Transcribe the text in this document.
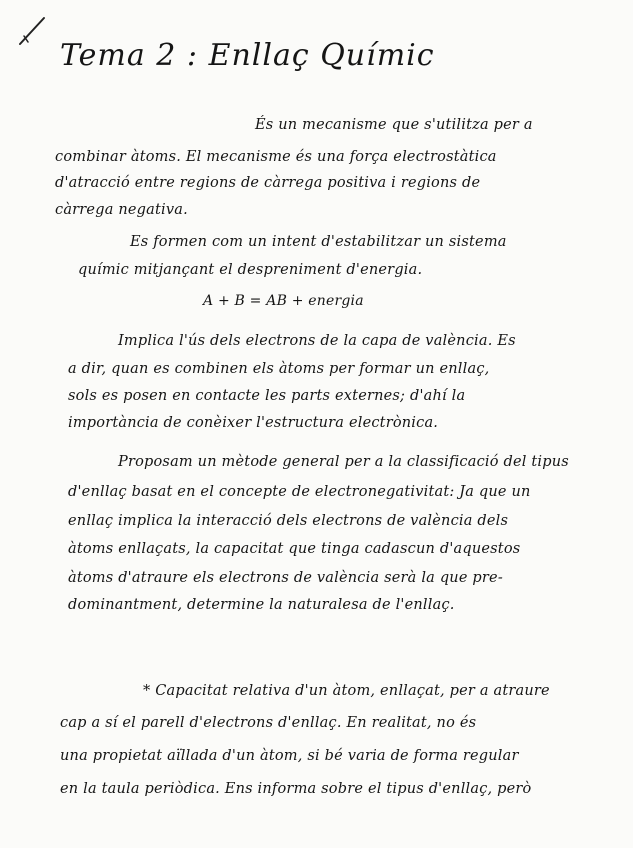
Tema 2 : Enllaç Químic
És un mecanisme que s'utilitza per a
combinar àtoms. El mecanisme és una força electrostàtica
d'atracció entre regions de càrrega positiva i regions de
càrrega negativa.
Es formen com un intent d'estabilitzar un sistema
químic mitjançant el despreniment d'energia.
A + B = AB + energia
Implica l'ús dels electrons de la capa de valència. Es
a dir, quan es combinen els àtoms per formar un enllaç,
sols es posen en contacte les parts externes; d'ahí la
importància de conèixer l'estructura electrònica.
Proposam un mètode general per a la classificació del tipus
d'enllaç basat en el concepte de electronegativitat: Ja que un
enllaç implica la interacció dels electrons de valència dels
àtoms enllaçats, la capacitat que tinga cadascun d'aquestos
àtoms d'atraure els electrons de valència serà la que pre-
dominantment, determine la naturalesa de l'enllaç.
* Capacitat relativa d'un àtom, enllaçat, per a atraure
cap a sí el parell d'electrons d'enllaç. En realitat, no és
una propietat aïllada d'un àtom, si bé varia de forma regular
en la taula periòdica. Ens informa sobre el tipus d'enllaç, però
